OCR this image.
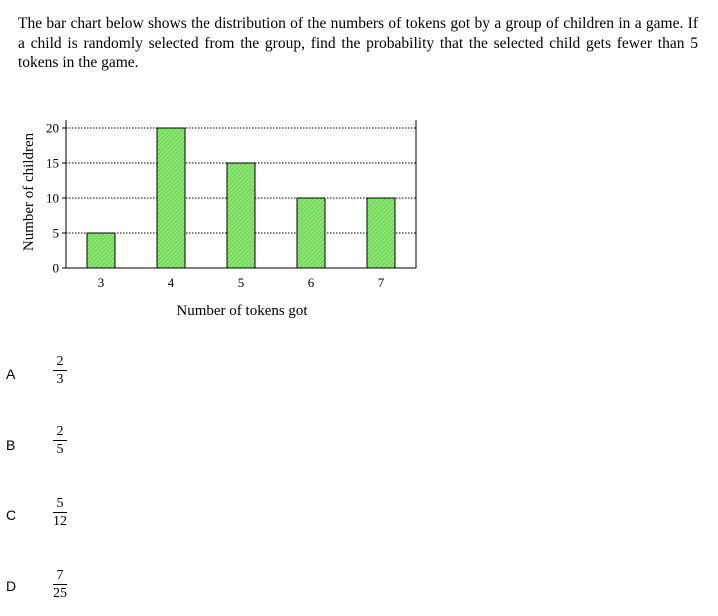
The bar chart below shows the distribution of the numbers of tokens got by a group of children in a game. If a child is randomly selected from the group, find the probability that the selected child gets fewer than 5 tokens in the game.
0
5
10
15
20
3	4	5	6	7
Number of tokens got
Number of children
A
2
3
B
2
5
C
5
12
D
7
25
